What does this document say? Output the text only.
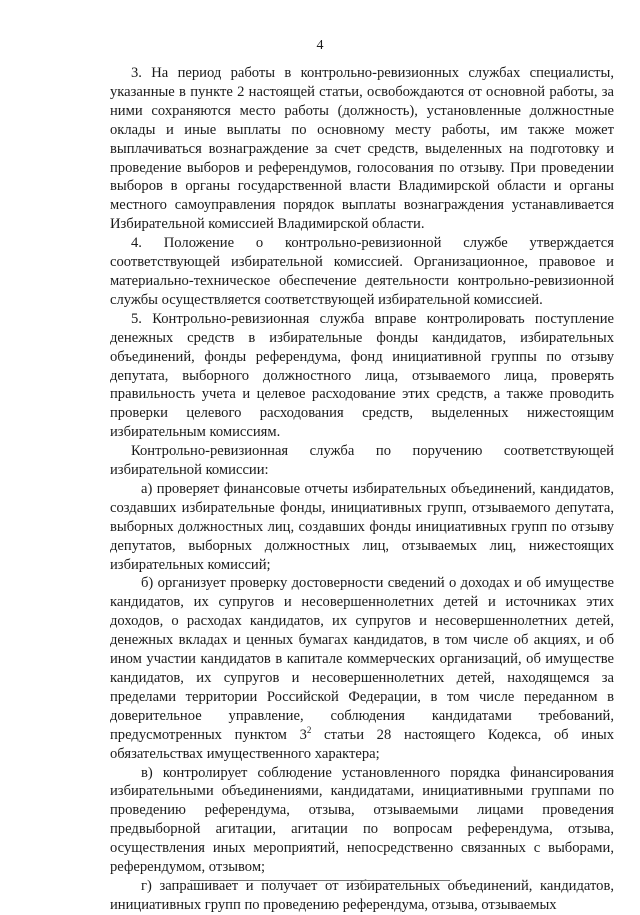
4

3. На период работы в контрольно-ревизионных службах специалисты, указанные в пункте 2 настоящей статьи, освобождаются от основной работы, за ними сохраняются место работы (должность), установленные должностные оклады и иные выплаты по основному месту работы, им также может выплачиваться вознаграждение за счет средств, выделенных на подготовку и проведение выборов и референдумов, голосования по отзыву. При проведении выборов в органы государственной власти Владимирской области и органы местного самоуправления порядок выплаты вознаграждения устанавливается Избирательной комиссией Владимирской области.

4. Положение о контрольно-ревизионной службе утверждается соответствующей избирательной комиссией. Организационное, правовое и материально-техническое обеспечение деятельности контрольно-ревизионной службы осуществляется соответствующей избирательной комиссией.

5. Контрольно-ревизионная служба вправе контролировать поступление денежных средств в избирательные фонды кандидатов, избирательных объединений, фонды референдума, фонд инициативной группы по отзыву депутата, выборного должностного лица, отзываемого лица, проверять правильность учета и целевое расходование этих средств, а также проводить проверки целевого расходования средств, выделенных нижестоящим избирательным комиссиям.

Контрольно-ревизионная служба по поручению соответствующей избирательной комиссии:

а) проверяет финансовые отчеты избирательных объединений, кандидатов, создавших избирательные фонды, инициативных групп, отзываемого депутата, выборных должностных лиц, создавших фонды инициативных групп по отзыву депутатов, выборных должностных лиц, отзываемых лиц, нижестоящих избирательных комиссий;

б) организует проверку достоверности сведений о доходах и об имуществе кандидатов, их супругов и несовершеннолетних детей и источниках этих доходов, о расходах кандидатов, их супругов и несовершеннолетних детей, денежных вкладах и ценных бумагах кандидатов, в том числе об акциях, и об ином участии кандидатов в капитале коммерческих организаций, об имуществе кандидатов, их супругов и несовершеннолетних детей, находящемся за пределами территории Российской Федерации, в том числе переданном в доверительное управление, соблюдения кандидатами требований, предусмотренных пунктом $3^2$ статьи 28 настоящего Кодекса, об иных обязательствах имущественного характера;

в) контролирует соблюдение установленного порядка финансирования избирательными объединениями, кандидатами, инициативными группами по проведению референдума, отзыва, отзываемыми лицами проведения предвыборной агитации, агитации по вопросам референдума, отзыва, осуществления иных мероприятий, непосредственно связанных с выборами, референдумом, отзывом;

г) запрашивает и получает от избирательных объединений, кандидатов, инициативных групп по проведению референдума, отзыва, отзываемых
